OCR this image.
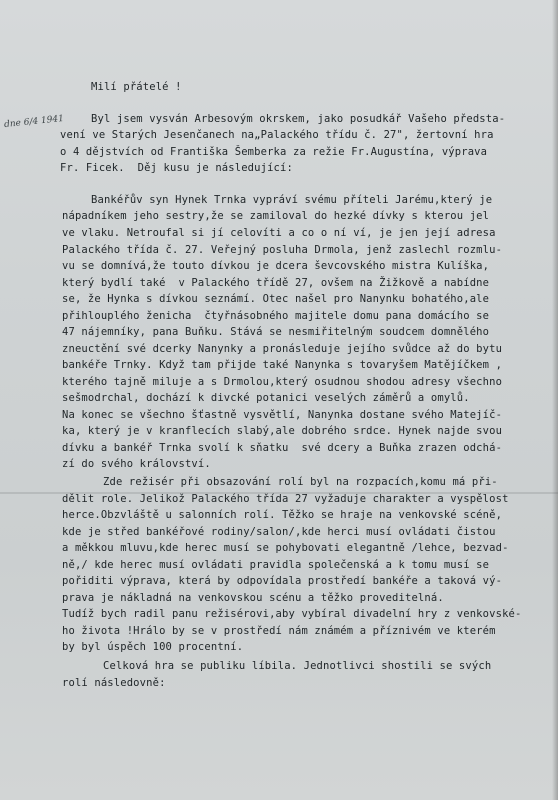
dne 6/4 1941

Milí přátelé !

Byl jsem vysván Arbesovým okrskem, jako posudkář Vašeho předsta-

vení ve Starých Jesenčanech na„Palackého třídu č. 27", žertovní hra

o 4 dějstvích od Františka Šemberka za režie Fr.Augustína, výprava

Fr. Ficek.  Děj kusu je následující:

Bankéřův syn Hynek Trnka vypráví svému příteli Jarému,který je

nápadníkem jeho sestry,že se zamiloval do hezké dívky s kterou jel

ve vlaku. Netroufal si jí celovíti a co o ní ví, je jen její adresa

Palackého třída č. 27. Veřejný posluha Drmola, jenž zaslechl rozmlu-

vu se domnívá,že touto dívkou je dcera ševcovského mistra Kulíška,

který bydlí také  v Palackého třídě 27, ovšem na Žižkově a nabídne

se, že Hynka s dívkou seznámí. Otec našel pro Nanynku bohatého,ale

přihlouplého ženicha  čtyřnásobného majitele domu pana domácího se

47 nájemníky, pana Buňku. Stává se nesmiřitelným soudcem domnělého

zneuctění své dcerky Nanynky a pronásleduje jejího svůdce až do bytu

bankéře Trnky. Když tam přijde také Nanynka s tovaryšem Matějíčkem ,

kterého tajně miluje a s Drmolou,který osudnou shodou adresy všechno

sešmodrchal, dochází k divcké potanici veselých záměrů a omylů.

Na konec se všechno šťastně vysvětlí, Nanynka dostane svého Matejíč-

ka, který je v kranflecích slabý,ale dobrého srdce. Hynek najde svou

dívku a bankéř Trnka svolí k sňatku  své dcery a Buňka zrazen odchá-

zí do svého království.

Zde režisér při obsazování rolí byl na rozpacích,komu má při-

dělit role. Jelikož Palackého třída 27 vyžaduje charakter a vyspělost

herce.Obzvláště u salonních rolí. Těžko se hraje na venkovské scéně,

kde je střed bankéřové rodiny/salon/,kde herci musí ovládati čistou

a měkkou mluvu,kde herec musí se pohybovati elegantně /lehce, bezvad-

ně,/ kde herec musí ovládati pravidla společenská a k tomu musí se

pořiditi výprava, která by odpovídala prostředí bankéře a taková vý-

prava je nákladná na venkovskou scénu a těžko proveditelná.

Tudíž bych radil panu režisérovi,aby vybíral divadelní hry z venkovské-

ho života !Hrálo by se v prostředí nám známém a příznivém ve kterém

by byl úspěch 100 procentní.

Celková hra se publiku líbila. Jednotlivci shostili se svých

rolí následovně:
